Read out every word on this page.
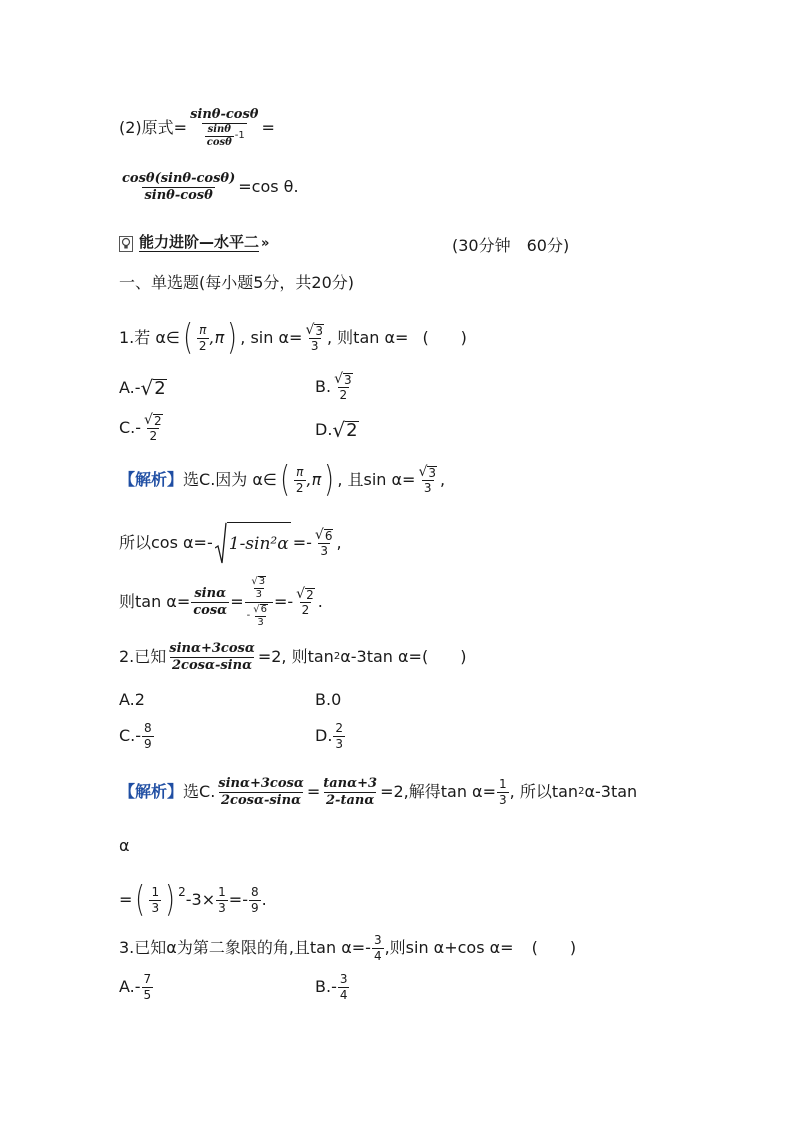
(2)原式= $\frac{\sin\theta-\cos\theta}{\frac{\sin\theta}{\cos\theta} -1}$ =
$\frac{\cos\theta(\sin\theta-\cos\theta)}{\sin\theta-\cos\theta} =\cos$ θ.
能力进阶—水平二 »	(30分钟　60分)
一、单选题(每小题5分，共20分)
1.若 α∈ ( $\frac{\pi}{2} ,\pi$ ) , $\sin \alpha= \frac{√ 3}{3}$ , 则tan α= (　　)
A.- √ 2	B. $\frac{√ 3}{2}$
$C.- \frac{√ 2}{2}$	D. √ 2
【解析】 选C.因为 α∈ ( $\frac{\pi}{2} ,\pi$ ) , 且$\sin \alpha= \frac{√ 3}{3}$ ,
所以cos α=- $1-\sin^2\alpha =- \frac{√ 6}{3}$ ,
则$\tan \alpha= \frac{\sin\alpha}{\cos\alpha} = \frac{\frac{√ 3}{3}}{- \frac{√ 6}{3}} =- \frac{√ 2}{2}$ .
2.已知 $\frac{\sin\alpha+3\cos\alpha}{2\cos\alpha-\sin\alpha} =2$, 则tan 2 α-3tan α=( 　　)
A.2	B.0
$C.- \frac{8}{9}$	D. $\frac{2}{3}$
【解析】 选C. $\frac{\sin\alpha+3\cos\alpha}{2\cos\alpha-\sin\alpha} = \frac{\tan\alpha+3}{2-\tan\alpha} =2$,解得$\tan \alpha= \frac{1}{3}$ , 所以tan 2 α-3tan
α
= ( $\frac{1}{3}$ ) $^2$ $-3\times \frac{1}{3} =- \frac{8}{9}$ .
3.已知α为第二象限的角,且$\tan \alpha=- \frac{3}{4}$ ,则sin α+cos α= (　　)
$A.- \frac{7}{5}$	$B.- \frac{3}{4}$
